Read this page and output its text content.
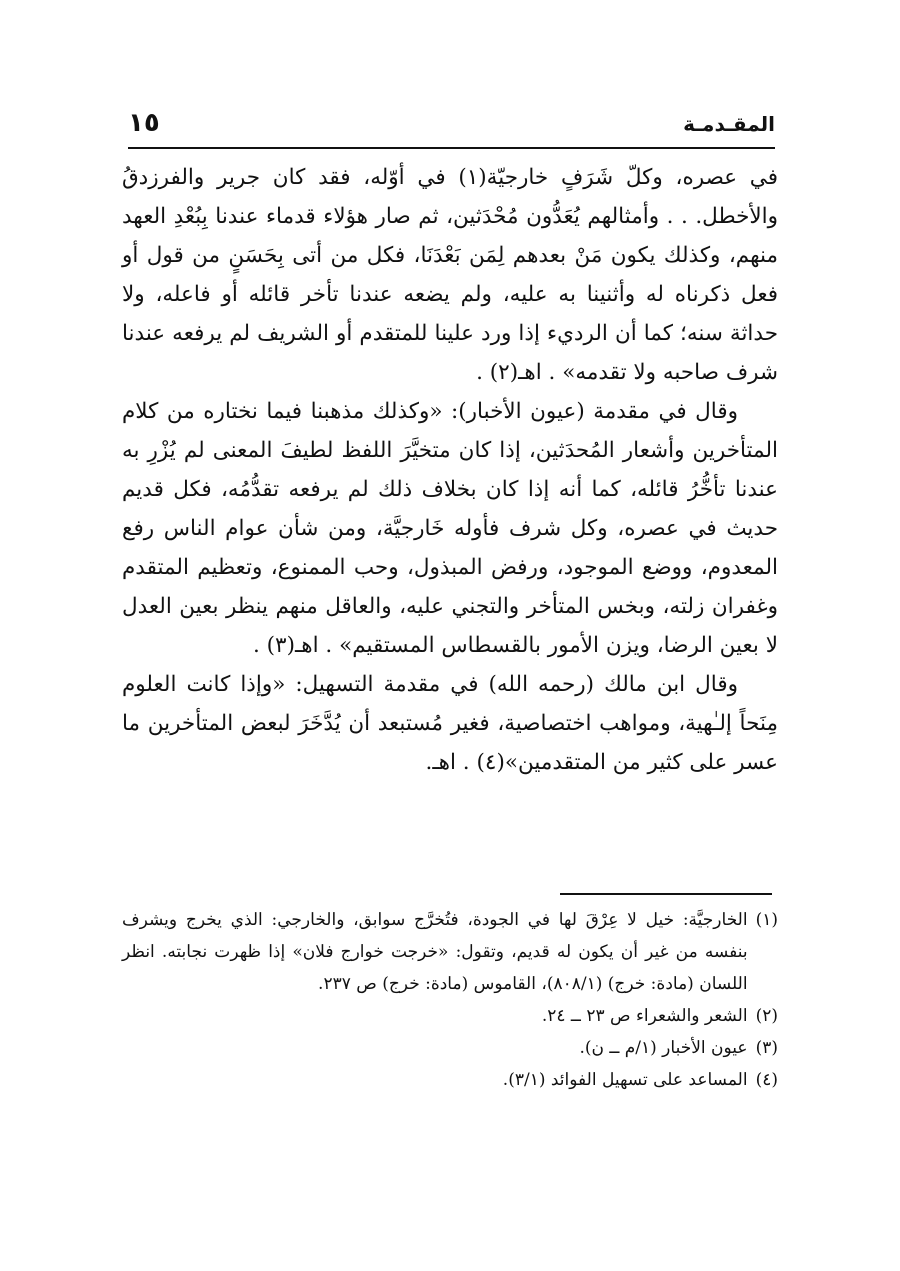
المقـدمـة
١٥

في عصره، وكلّ شَرَفٍ خارجيّة(١) في أوّله، فقد كان جرير والفرزدقُ والأخطل. . . وأمثالهم يُعَدُّون مُحْدَثين، ثم صار هؤلاء قدماء عندنا بِبُعْدِ العهد منهم، وكذلك يكون مَنْ بعدهم لِمَن بَعْدَنَا، فكل من أتى بِحَسَنٍ من قول أو فعل ذكرناه له وأثنينا به عليه، ولم يضعه عندنا تأخر قائله أو فاعله، ولا حداثة سنه؛ كما أن الرديء إذا ورد علينا للمتقدم أو الشريف لم يرفعه عندنا شرف صاحبه ولا تقدمه» . اهـ(٢) .

وقال في مقدمة (عيون الأخبار): «وكذلك مذهبنا فيما نختاره من كلام المتأخرين وأشعار المُحدَثين، إذا كان متخيَّرَ اللفظ لطيفَ المعنى لم يُزْرِ به عندنا تأخُّرُ قائله، كما أنه إذا كان بخلاف ذلك لم يرفعه تقدُّمُه، فكل قديم حديث في عصره، وكل شرف فأوله خَارجيَّة، ومن شأن عوام الناس رفع المعدوم، ووضع الموجود، ورفض المبذول، وحب الممنوع، وتعظيم المتقدم وغفران زلته، وبخس المتأخر والتجني عليه، والعاقل منهم ينظر بعين العدل لا بعين الرضا، ويزن الأمور بالقسطاس المستقيم» . اهـ(٣) .

وقال ابن مالك (رحمه الله) في مقدمة التسهيل: «وإذا كانت العلوم مِنَحاً إلـٰهية، ومواهب اختصاصية، فغير مُستبعد أن يُدَّخَرَ لبعض المتأخرين ما عسر على كثير من المتقدمين»(٤) . اهـ.

(١)
الخارجيَّة: خيل لا عِرْقَ لها في الجودة، فتُخرَّج سوابق، والخارجي: الذي يخرج ويشرف بنفسه من غير أن يكون له قديم، وتقول: «خرجت خوارج فلان» إذا ظهرت نجابته. انظر اللسان (مادة: خرج) (٨٠٨/١)، القاموس (مادة: خرج) ص ٢٣٧.
(٢)
الشعر والشعراء ص ٢٣ ــ ٢٤.
(٣)
عيون الأخبار (١/م ــ ن).
(٤)
المساعد على تسهيل الفوائد (٣/١).
